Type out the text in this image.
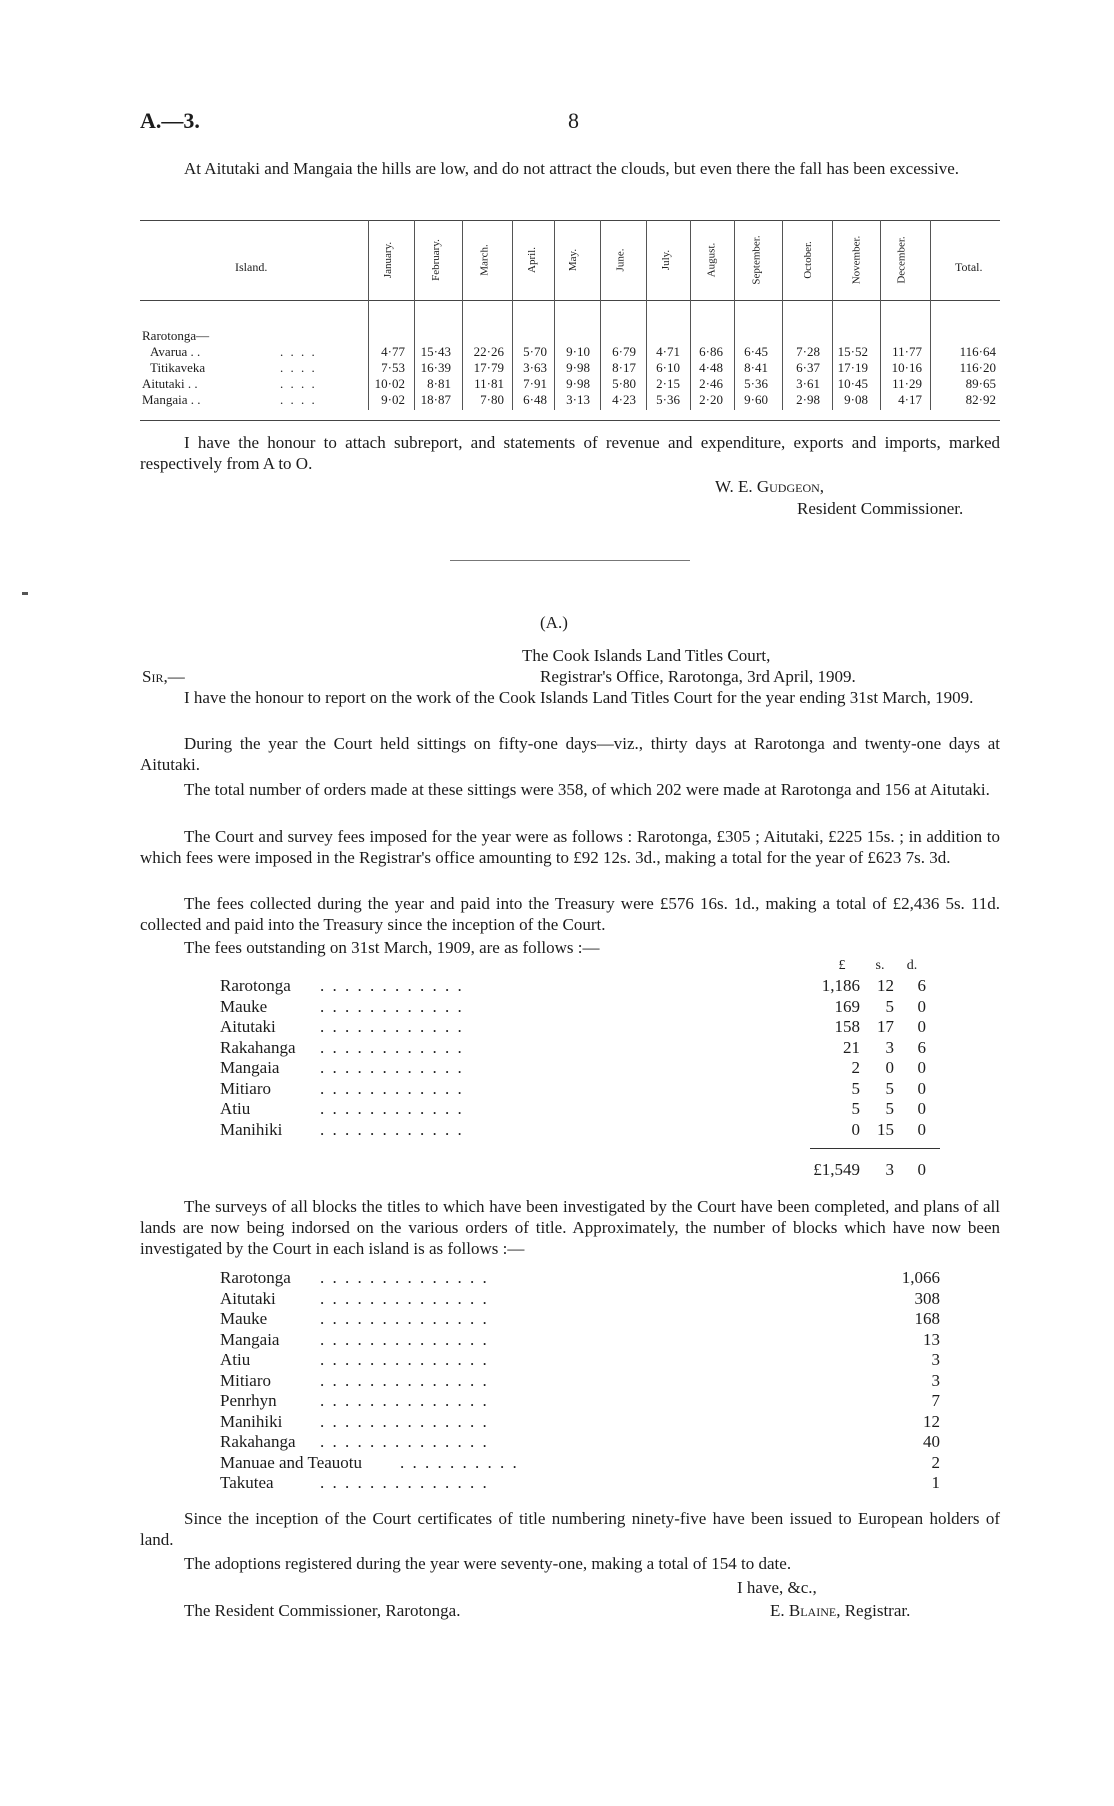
A.—3.	8
At Aitutaki and Mangaia the hills are low, and do not attract the clouds, but even there the fall has been excessive.
Island.	Total.
January.	February.	March.	April.	May.	June.	July.	August.	September.	October.	November.	December.
Rarotonga—
Avarua . .	. . . .	4·77	15·43	22·26	5·70	9·10	6·79	4·71	6·86	6·45	7·28	15·52	11·77	116·64
Titikaveka	. . . .	7·53	16·39	17·79	3·63	9·98	8·17	6·10	4·48	8·41	6·37	17·19	10·16	116·20
Aitutaki . .	. . . .	10·02	8·81	11·81	7·91	9·98	5·80	2·15	2·46	5·36	3·61	10·45	11·29	89·65
Mangaia . .	. . . .	9·02	18·87	7·80	6·48	3·13	4·23	5·36	2·20	9·60	2·98	9·08	4·17	82·92
I have the honour to attach subreport, and statements of revenue and expenditure, exports and imports, marked respectively from A to O.
W. E. Gudgeon,
Resident Commissioner.
(A.)
The Cook Islands Land Titles Court,
Sir,—	Registrar's Office, Rarotonga, 3rd April, 1909.
I have the honour to report on the work of the Cook Islands Land Titles Court for the year ending 31st March, 1909.
During the year the Court held sittings on fifty-one days—viz., thirty days at Rarotonga and twenty-one days at Aitutaki.
The total number of orders made at these sittings were 358, of which 202 were made at Rarotonga and 156 at Aitutaki.
The Court and survey fees imposed for the year were as follows : Rarotonga, £305 ; Aitutaki, £225 15s. ; in addition to which fees were imposed in the Registrar's office amounting to £92 12s. 3d., making a total for the year of £623 7s. 3d.
The fees collected during the year and paid into the Treasury were £576 16s. 1d., making a total of £2,436 5s. 11d. collected and paid into the Treasury since the inception of the Court.
The fees outstanding on 31st March, 1909, are as follows :—
£	s.	d.
Rarotonga . . . . . . . . . . . .	1,186	12	6
Mauke	. . . . . . . . . . . .	169	5	0
Aitutaki	. . . . . . . . . . . .	158	17	0
Rakahanga . . . . . . . . . . . .	21	3	6
Mangaia . . . . . . . . . . . .	2	0	0
Mitiaro	. . . . . . . . . . . .	5	5	0
Atiu	. . . . . . . . . . . .	5	5	0
Manihiki . . . . . . . . . . . .	0	15	0
£1,549	3	0
The surveys of all blocks the titles to which have been investigated by the Court have been completed, and plans of all lands are now being indorsed on the various orders of title. Approximately, the number of blocks which have now been investigated by the Court in each island is as follows :—
Rarotonga . . . . . . . . . . . . . .	1,066
Aitutaki	. . . . . . . . . . . . . .	308
Mauke	. . . . . . . . . . . . . .	168
Mangaia . . . . . . . . . . . . . .	13
Atiu	. . . . . . . . . . . . . .	3
Mitiaro	. . . . . . . . . . . . . .	3
Penrhyn	. . . . . . . . . . . . . .	7
Manihiki . . . . . . . . . . . . . .	12
Rakahanga . . . . . . . . . . . . . .	40
Manuae and Teauotu . . . . . . . . . .	2
Takutea	. . . . . . . . . . . . . .	1
Since the inception of the Court certificates of title numbering ninety-five have been issued to European holders of land.
The adoptions registered during the year were seventy-one, making a total of 154 to date.
I have, &c.,
The Resident Commissioner, Rarotonga.	E. Blaine, Registrar.
